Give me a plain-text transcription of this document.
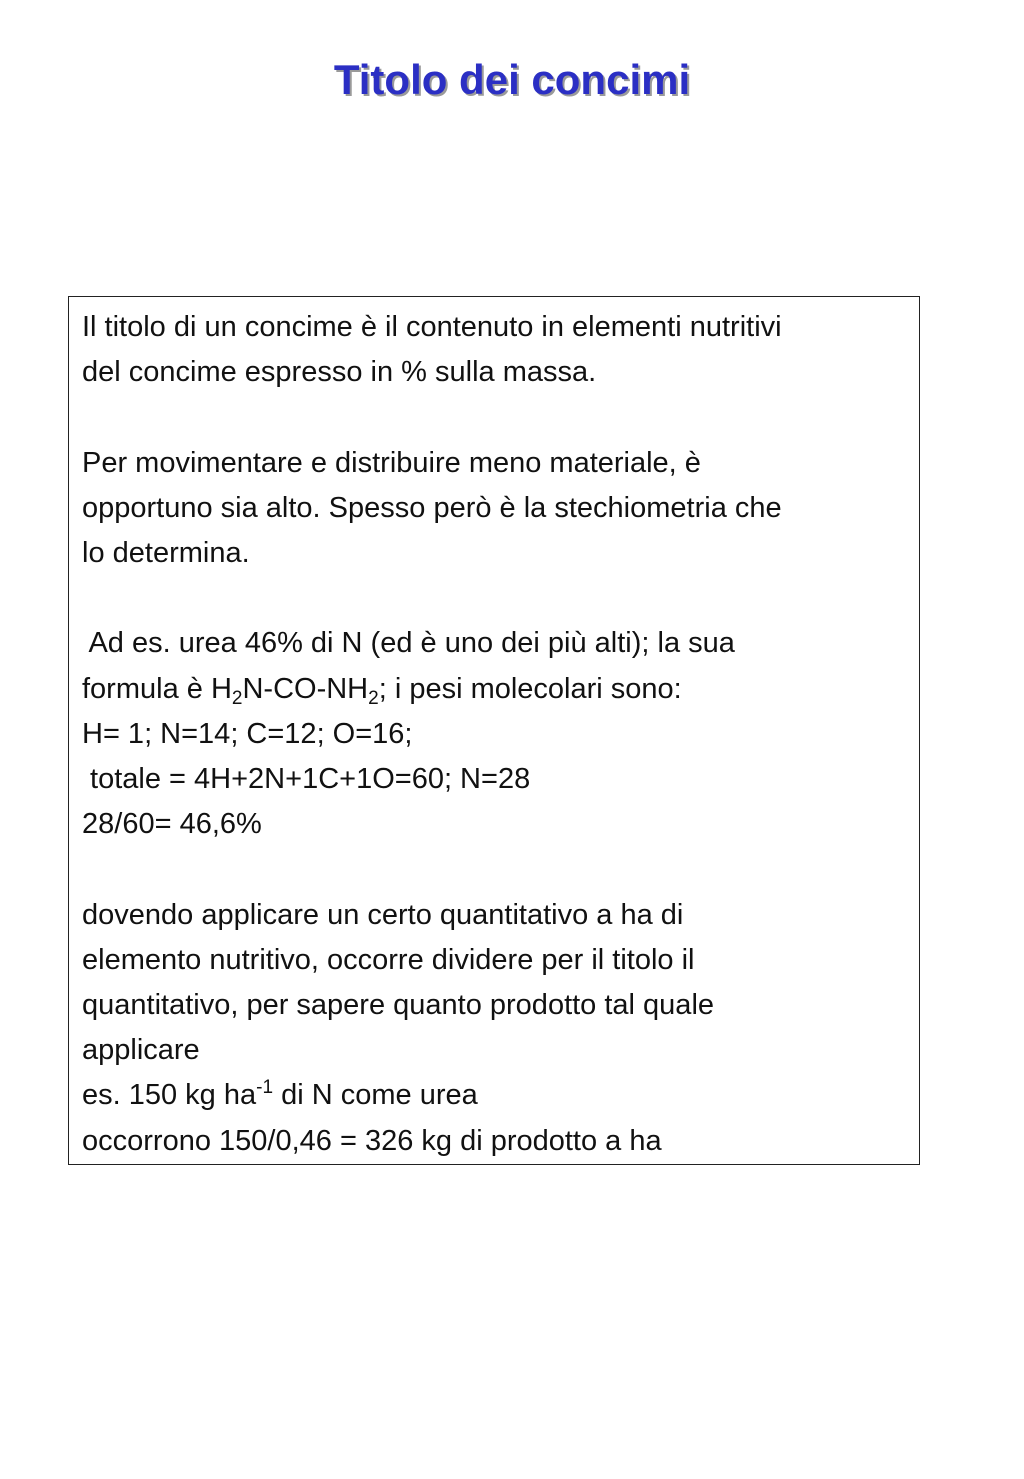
Titolo dei concimi
Il titolo di un concime è il contenuto in elementi nutritivi
del concime espresso in % sulla massa.
Per movimentare e distribuire meno materiale, è
opportuno sia alto. Spesso però è la stechiometria che
lo determina.
Ad es. urea 46% di N (ed è uno dei più alti); la sua
formula è $H_2N-CO-NH_2$; i pesi molecolari sono:
H= 1; N=14; C=12; O=16;
totale = 4H+2N+1C+1O=60; N=28
28/60= 46,6%
dovendo applicare un certo quantitativo a ha di
elemento nutritivo, occorre dividere per il titolo il
quantitativo, per sapere quanto prodotto tal quale
applicare
es. 150 kg $ha^{-1}$ di N come urea
occorrono 150/0,46 = 326 kg di prodotto a ha
